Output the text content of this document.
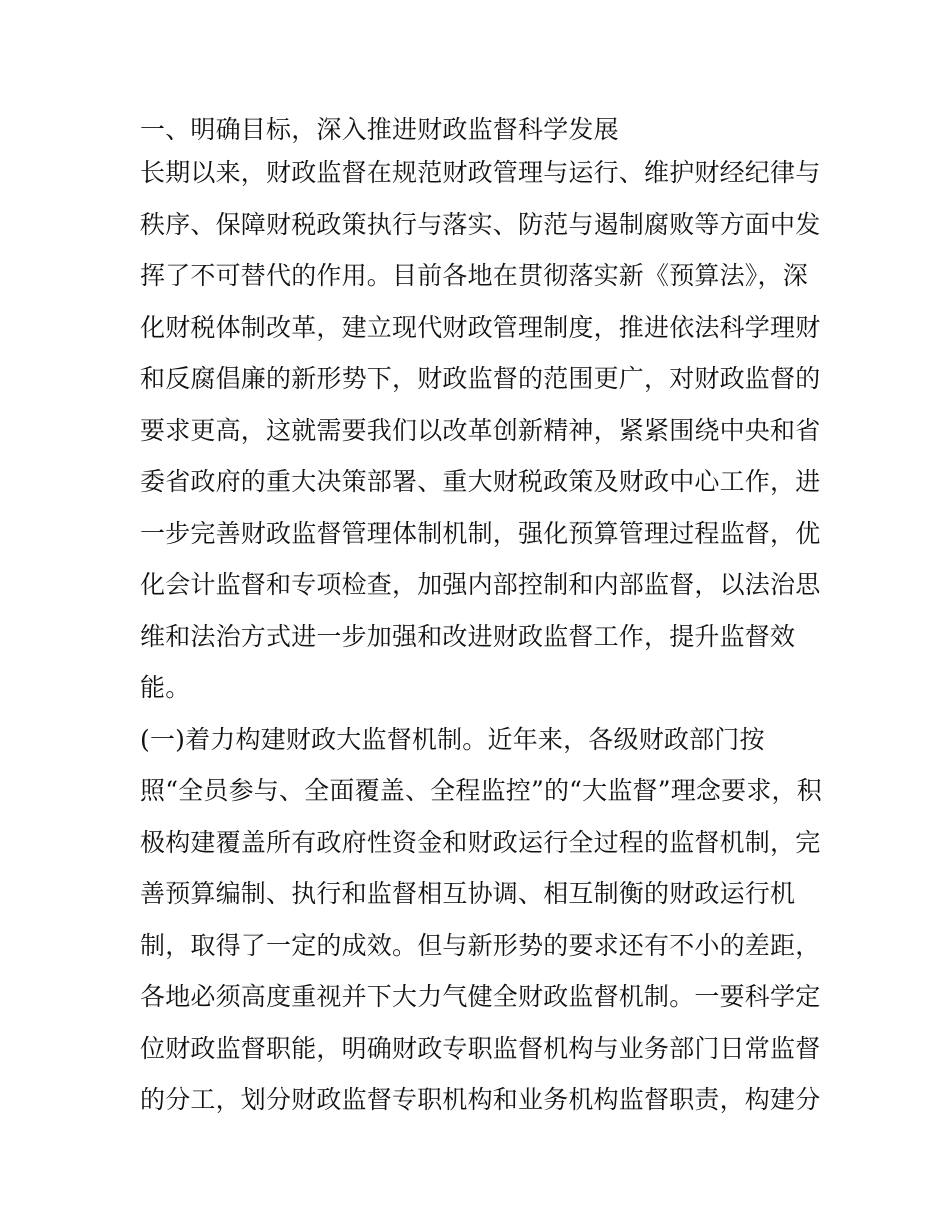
一、明确目标，深入推进财政监督科学发展
长期以来，财政监督在规范财政管理与运行、维护财经纪律与
秩序、保障财税政策执行与落实、防范与遏制腐败等方面中发
挥了不可替代的作用。目前各地在贯彻落实新《预算法》，深
化财税体制改革，建立现代财政管理制度，推进依法科学理财
和反腐倡廉的新形势下，财政监督的范围更广，对财政监督的
要求更高，这就需要我们以改革创新精神，紧紧围绕中央和省
委省政府的重大决策部署、重大财税政策及财政中心工作，进
一步完善财政监督管理体制机制，强化预算管理过程监督，优
化会计监督和专项检查，加强内部控制和内部监督，以法治思
维和法治方式进一步加强和改进财政监督工作，提升监督效
能。
(一)着力构建财政大监督机制。近年来，各级财政部门按
照“全员参与、全面覆盖、全程监控”的“大监督”理念要求，积
极构建覆盖所有政府性资金和财政运行全过程的监督机制，完
善预算编制、执行和监督相互协调、相互制衡的财政运行机
制，取得了一定的成效。但与新形势的要求还有不小的差距，
各地必须高度重视并下大力气健全财政监督机制。一要科学定
位财政监督职能，明确财政专职监督机构与业务部门日常监督
的分工，划分财政监督专职机构和业务机构监督职责，构建分
